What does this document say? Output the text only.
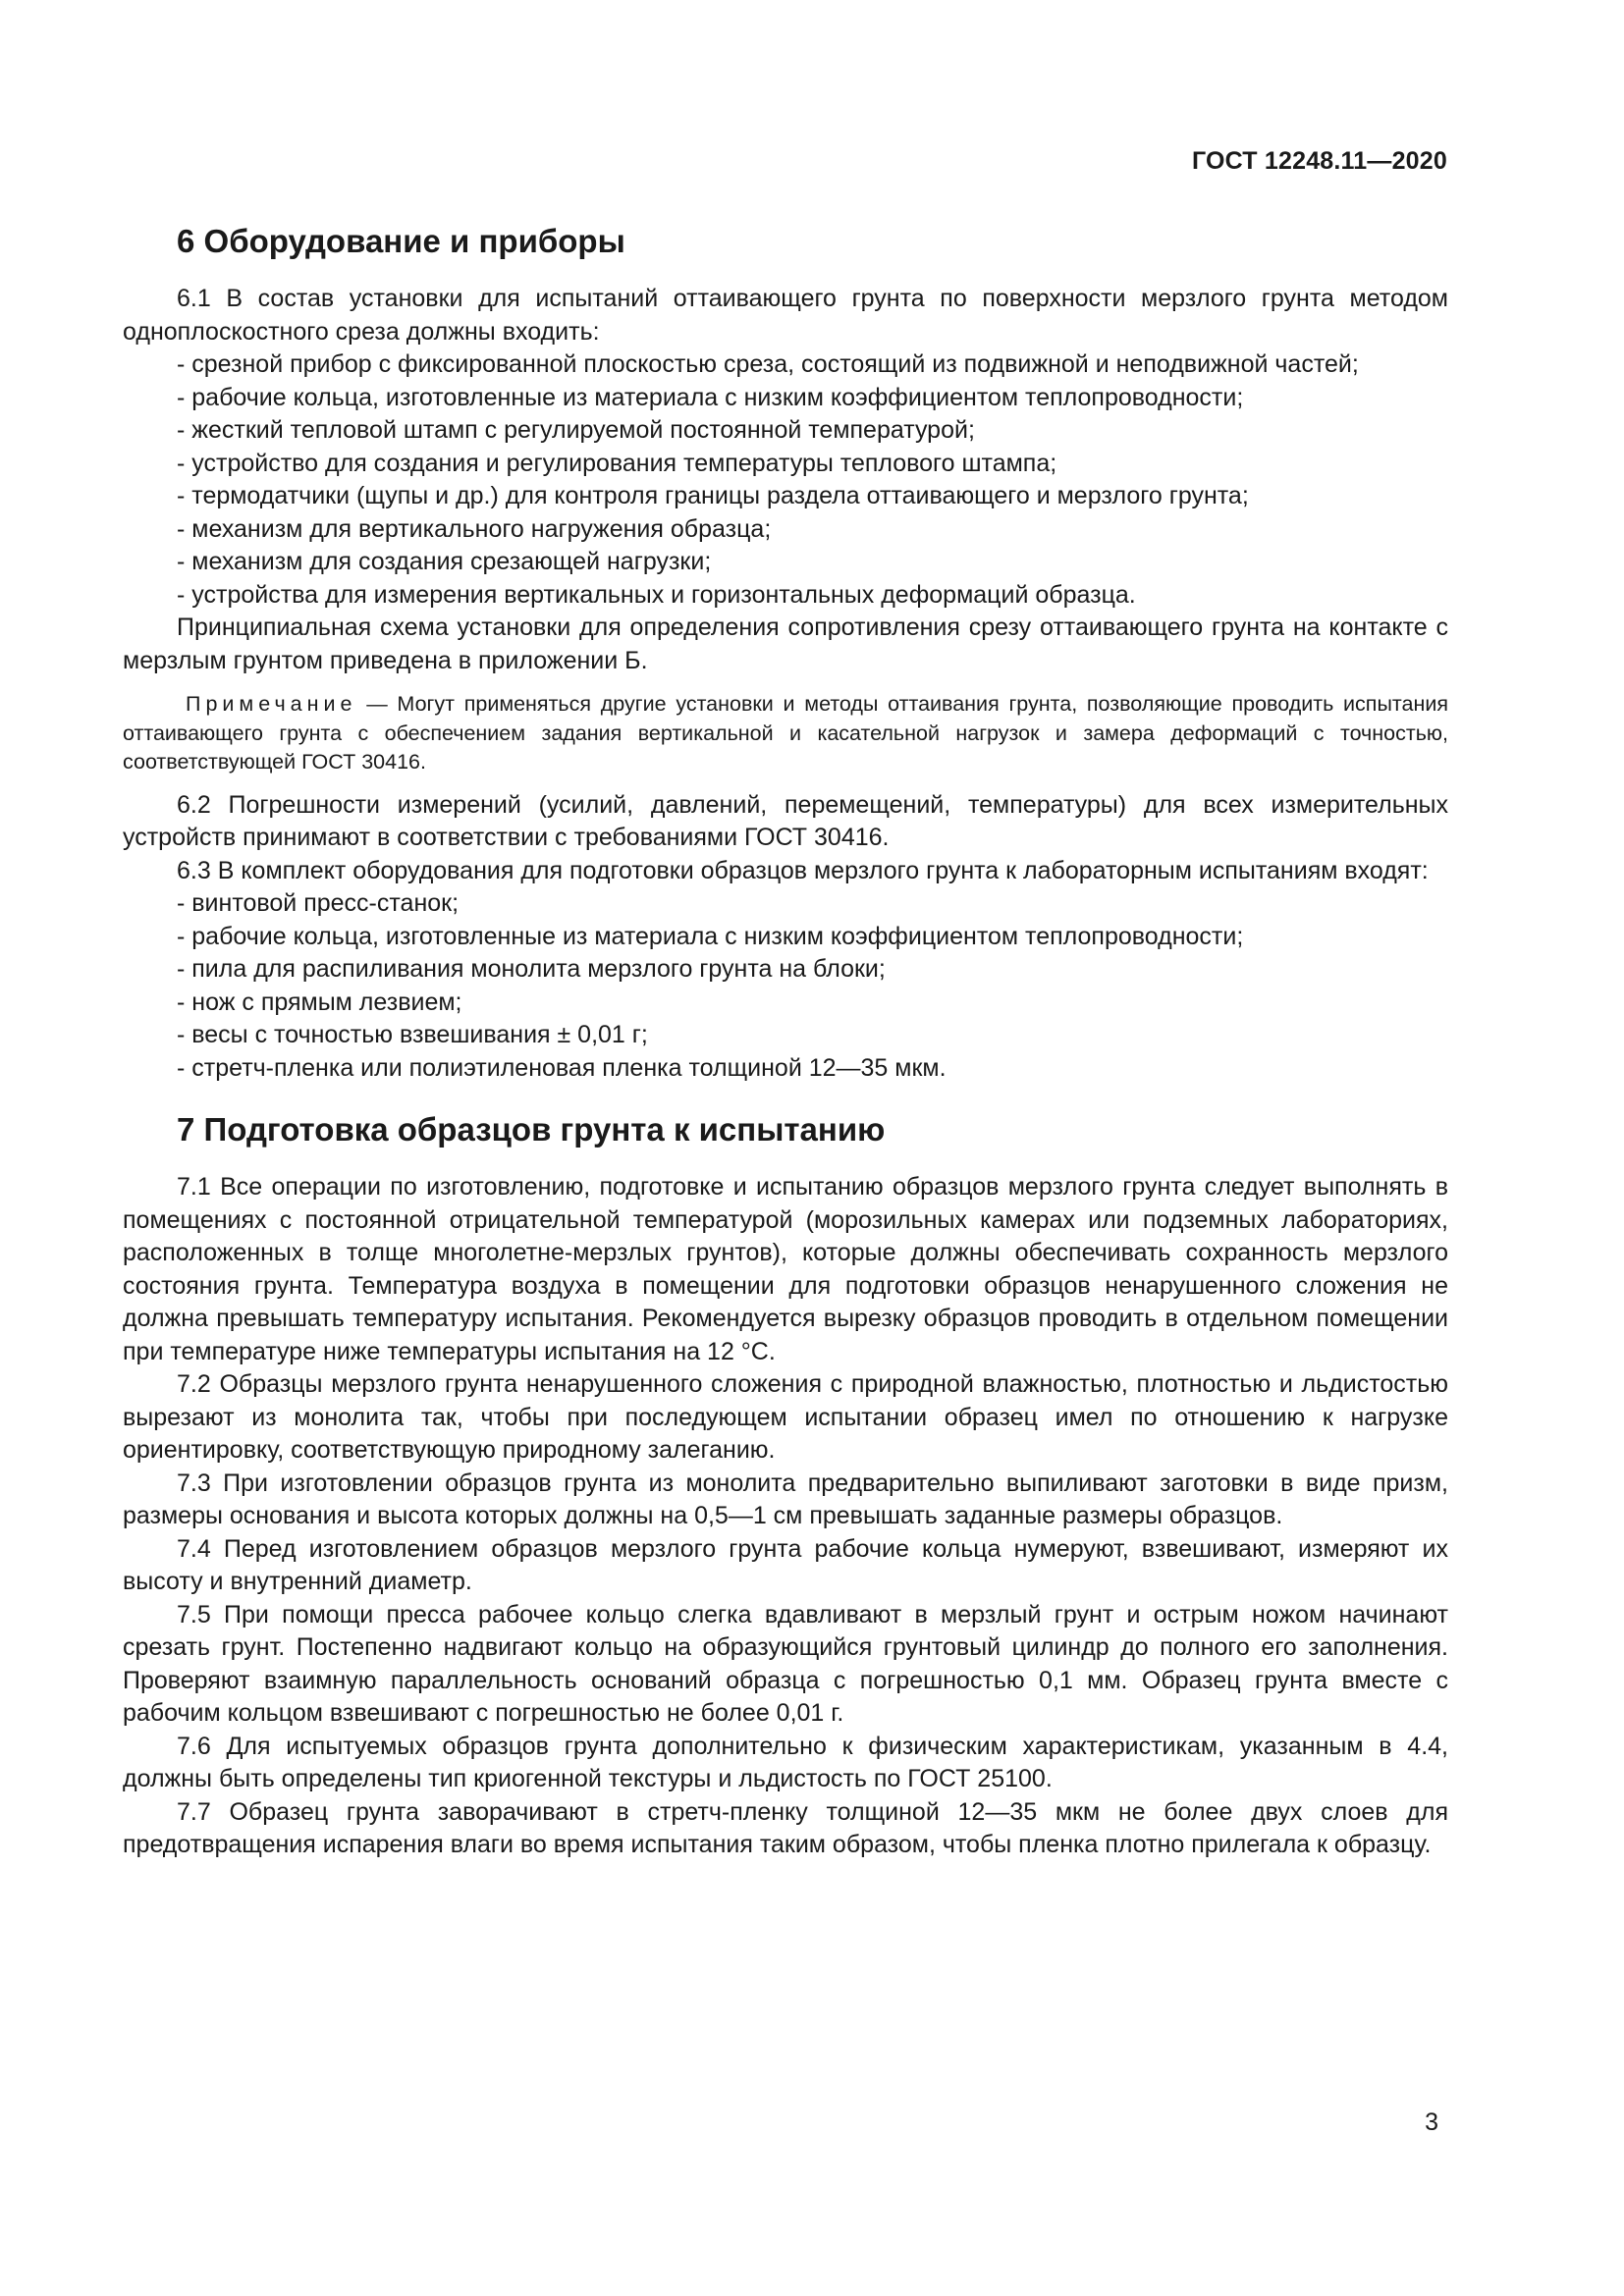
ГОСТ 12248.11—2020
6 Оборудование и приборы

6.1 В состав установки для испытаний оттаивающего грунта по поверхности мерзлого грунта методом одноплоскостного среза должны входить:

- срезной прибор с фиксированной плоскостью среза, состоящий из подвижной и неподвижной частей;
- рабочие кольца, изготовленные из материала с низким коэффициентом теплопроводности;
- жесткий тепловой штамп с регулируемой постоянной температурой;
- устройство для создания и регулирования температуры теплового штампа;
- термодатчики (щупы и др.) для контроля границы раздела оттаивающего и мерзлого грунта;
- механизм для вертикального нагружения образца;
- механизм для создания срезающей нагрузки;
- устройства для измерения вертикальных и горизонтальных деформаций образца.

Принципиальная схема установки для определения сопротивления срезу оттаивающего грунта на контакте с мерзлым грунтом приведена в приложении Б.

Примечание — Могут применяться другие установки и методы оттаивания грунта, позволяющие проводить испытания оттаивающего грунта с обеспечением задания вертикальной и касательной нагрузок и замера деформаций с точностью, соответствующей ГОСТ 30416.

6.2 Погрешности измерений (усилий, давлений, перемещений, температуры) для всех измерительных устройств принимают в соответствии с требованиями ГОСТ 30416.

6.3 В комплект оборудования для подготовки образцов мерзлого грунта к лабораторным испытаниям входят:

- винтовой пресс-станок;
- рабочие кольца, изготовленные из материала с низким коэффициентом теплопроводности;
- пила для распиливания монолита мерзлого грунта на блоки;
- нож с прямым лезвием;
- весы с точностью взвешивания ± 0,01 г;
- стретч-пленка или полиэтиленовая пленка толщиной 12—35 мкм.
7 Подготовка образцов грунта к испытанию

7.1 Все операции по изготовлению, подготовке и испытанию образцов мерзлого грунта следует выполнять в помещениях с постоянной отрицательной температурой (морозильных камерах или подземных лабораториях, расположенных в толще многолетне-мерзлых грунтов), которые должны обеспечивать сохранность мерзлого состояния грунта. Температура воздуха в помещении для подготовки образцов ненарушенного сложения не должна превышать температуру испытания. Рекомендуется вырезку образцов проводить в отдельном помещении при температуре ниже температуры испытания на 12 °С.

7.2 Образцы мерзлого грунта ненарушенного сложения с природной влажностью, плотностью и льдистостью вырезают из монолита так, чтобы при последующем испытании образец имел по отношению к нагрузке ориентировку, соответствующую природному залеганию.

7.3 При изготовлении образцов грунта из монолита предварительно выпиливают заготовки в виде призм, размеры основания и высота которых должны на 0,5—1 см превышать заданные размеры образцов.

7.4 Перед изготовлением образцов мерзлого грунта рабочие кольца нумеруют, взвешивают, измеряют их высоту и внутренний диаметр.

7.5 При помощи пресса рабочее кольцо слегка вдавливают в мерзлый грунт и острым ножом начинают срезать грунт. Постепенно надвигают кольцо на образующийся грунтовый цилиндр до полного его заполнения. Проверяют взаимную параллельность оснований образца с погрешностью 0,1 мм. Образец грунта вместе с рабочим кольцом взвешивают с погрешностью не более 0,01 г.

7.6 Для испытуемых образцов грунта дополнительно к физическим характеристикам, указанным в 4.4, должны быть определены тип криогенной текстуры и льдистость по ГОСТ 25100.

7.7 Образец грунта заворачивают в стретч-пленку толщиной 12—35 мкм не более двух слоев для предотвращения испарения влаги во время испытания таким образом, чтобы пленка плотно прилегала к образцу.

3
